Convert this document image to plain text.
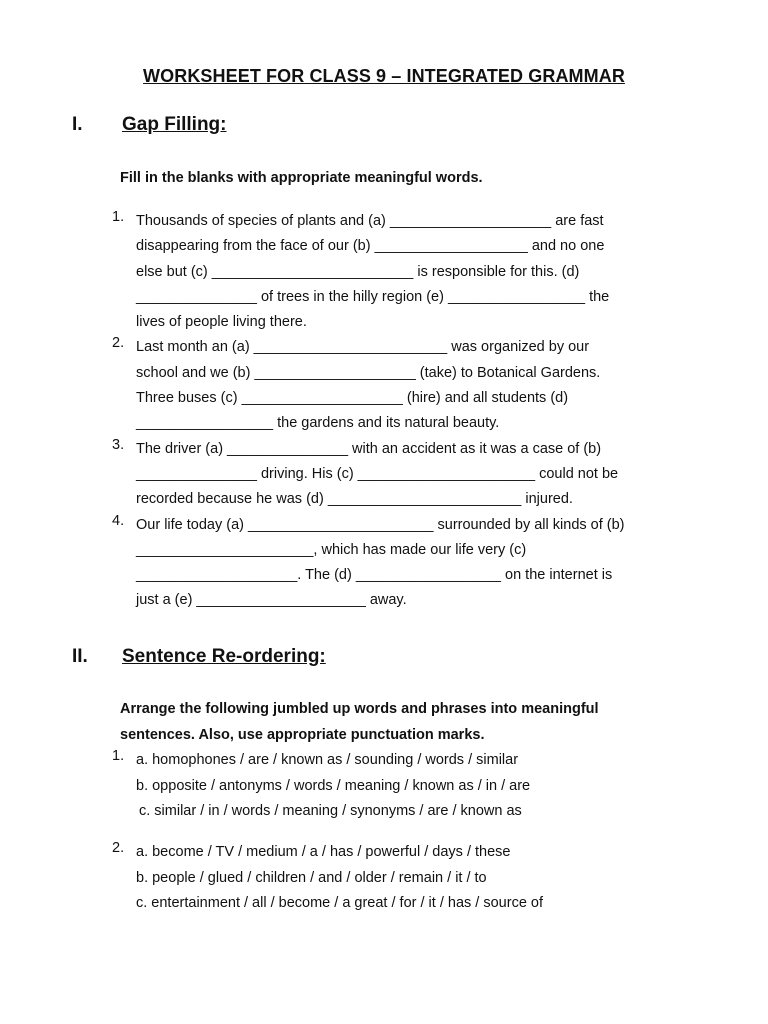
WORKSHEET FOR CLASS 9 – INTEGRATED GRAMMAR
I.	Gap Filling:
Fill in the blanks with appropriate meaningful words.
1. Thousands of species of plants and (a) ____________________ are fast
disappearing from the face of our (b) ___________________ and no one
else but (c) _________________________ is responsible for this. (d)
_______________ of trees in the hilly region (e) _________________ the
lives of people living there.
2. Last month an (a) ________________________ was organized by our
school and we (b) ____________________ (take) to Botanical Gardens.
Three buses (c) ____________________ (hire) and all students (d)
_________________ the gardens and its natural beauty.
3. The driver (a) _______________ with an accident as it was a case of (b)
_______________ driving. His (c) ______________________ could not be
recorded because he was (d) ________________________ injured.
4. Our life today (a) _______________________ surrounded by all kinds of (b)
______________________, which has made our life very (c)
____________________. The (d) __________________ on the internet is
just a (e) _____________________ away.
II.	Sentence Re-ordering:
Arrange the following jumbled up words and phrases into meaningful
sentences. Also, use appropriate punctuation marks.
1. a. homophones / are / known as / sounding / words / similar
b. opposite / antonyms / words / meaning / known as / in / are
c. similar / in / words / meaning / synonyms / are / known as
2. a. become / TV / medium / a / has / powerful / days / these
b. people / glued / children / and / older / remain / it / to
c. entertainment / all / become / a great / for / it / has / source of
